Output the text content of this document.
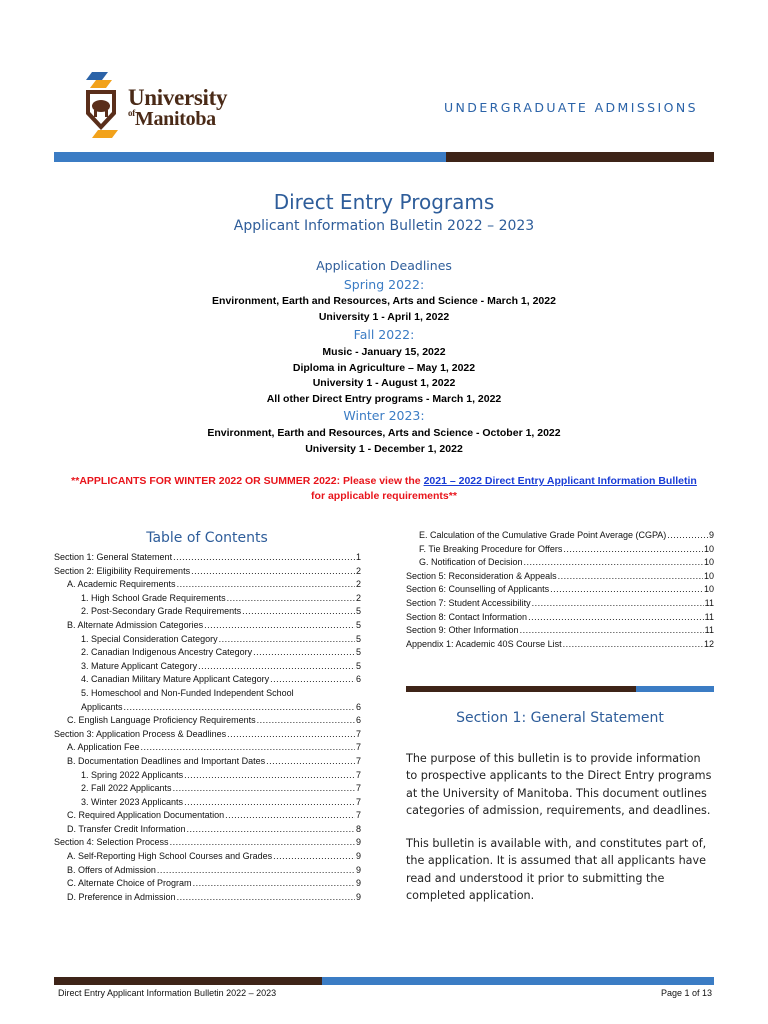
University
$^{of}$Manitoba
UNDERGRADUATE ADMISSIONS
Direct Entry Programs
Applicant Information Bulletin 2022 – 2023
Application Deadlines
Spring 2022:
Environment, Earth and Resources, Arts and Science - March 1, 2022
University 1 - April 1, 2022
Fall 2022:
Music - January 15, 2022
Diploma in Agriculture – May 1, 2022
University 1 - August 1, 2022
All other Direct Entry programs - March 1, 2022
Winter 2023:
Environment, Earth and Resources, Arts and Science - October 1, 2022
University 1 - December 1, 2022
**APPLICANTS FOR WINTER 2022 OR SUMMER 2022: Please view the 2021 – 2022 Direct Entry Applicant Information Bulletin
for applicable requirements**
Table of Contents
Section 1: General Statement .....	1
Section 2: Eligibility Requirements .....	2
A. Academic Requirements .....	2
1. High School Grade Requirements .....	2
2. Post-Secondary Grade Requirements .....	5
B. Alternate Admission Categories .....	5
1. Special Consideration Category .....	5
2. Canadian Indigenous Ancestry Category .....	5
3. Mature Applicant Category .....	5
4. Canadian Military Mature Applicant Category .....	6
5. Homeschool and Non-Funded Independent School
Applicants .....	6
C. English Language Proficiency Requirements .....	6
Section 3: Application Process & Deadlines .....	7
A. Application Fee .....	7
B. Documentation Deadlines and Important Dates .....	7
1. Spring 2022 Applicants .....	7
2. Fall 2022 Applicants .....	7
3. Winter 2023 Applicants .....	7
C. Required Application Documentation .....	7
D. Transfer Credit Information .....	8
Section 4: Selection Process .....	9
A. Self-Reporting High School Courses and Grades .....	9
B. Offers of Admission .....	9
C. Alternate Choice of Program .....	9
D. Preference in Admission .....	9
E. Calculation of the Cumulative Grade Point Average (CGPA) .....	9
F. Tie Breaking Procedure for Offers .....	10
G. Notification of Decision .....	10
Section 5: Reconsideration & Appeals .....	10
Section 6: Counselling of Applicants .....	10
Section 7: Student Accessibility .....	11
Section 8: Contact Information .....	11
Section 9: Other Information .....	11
Appendix 1: Academic 40S Course List .....	12
Section 1: General Statement

The purpose of this bulletin is to provide information to prospective applicants to the Direct Entry programs at the University of Manitoba. This document outlines categories of admission, requirements, and deadlines.

This bulletin is available with, and constitutes part of, the application. It is assumed that all applicants have read and understood it prior to submitting the completed application.

Direct Entry Applicant Information Bulletin 2022 – 2023	Page 1 of 13
